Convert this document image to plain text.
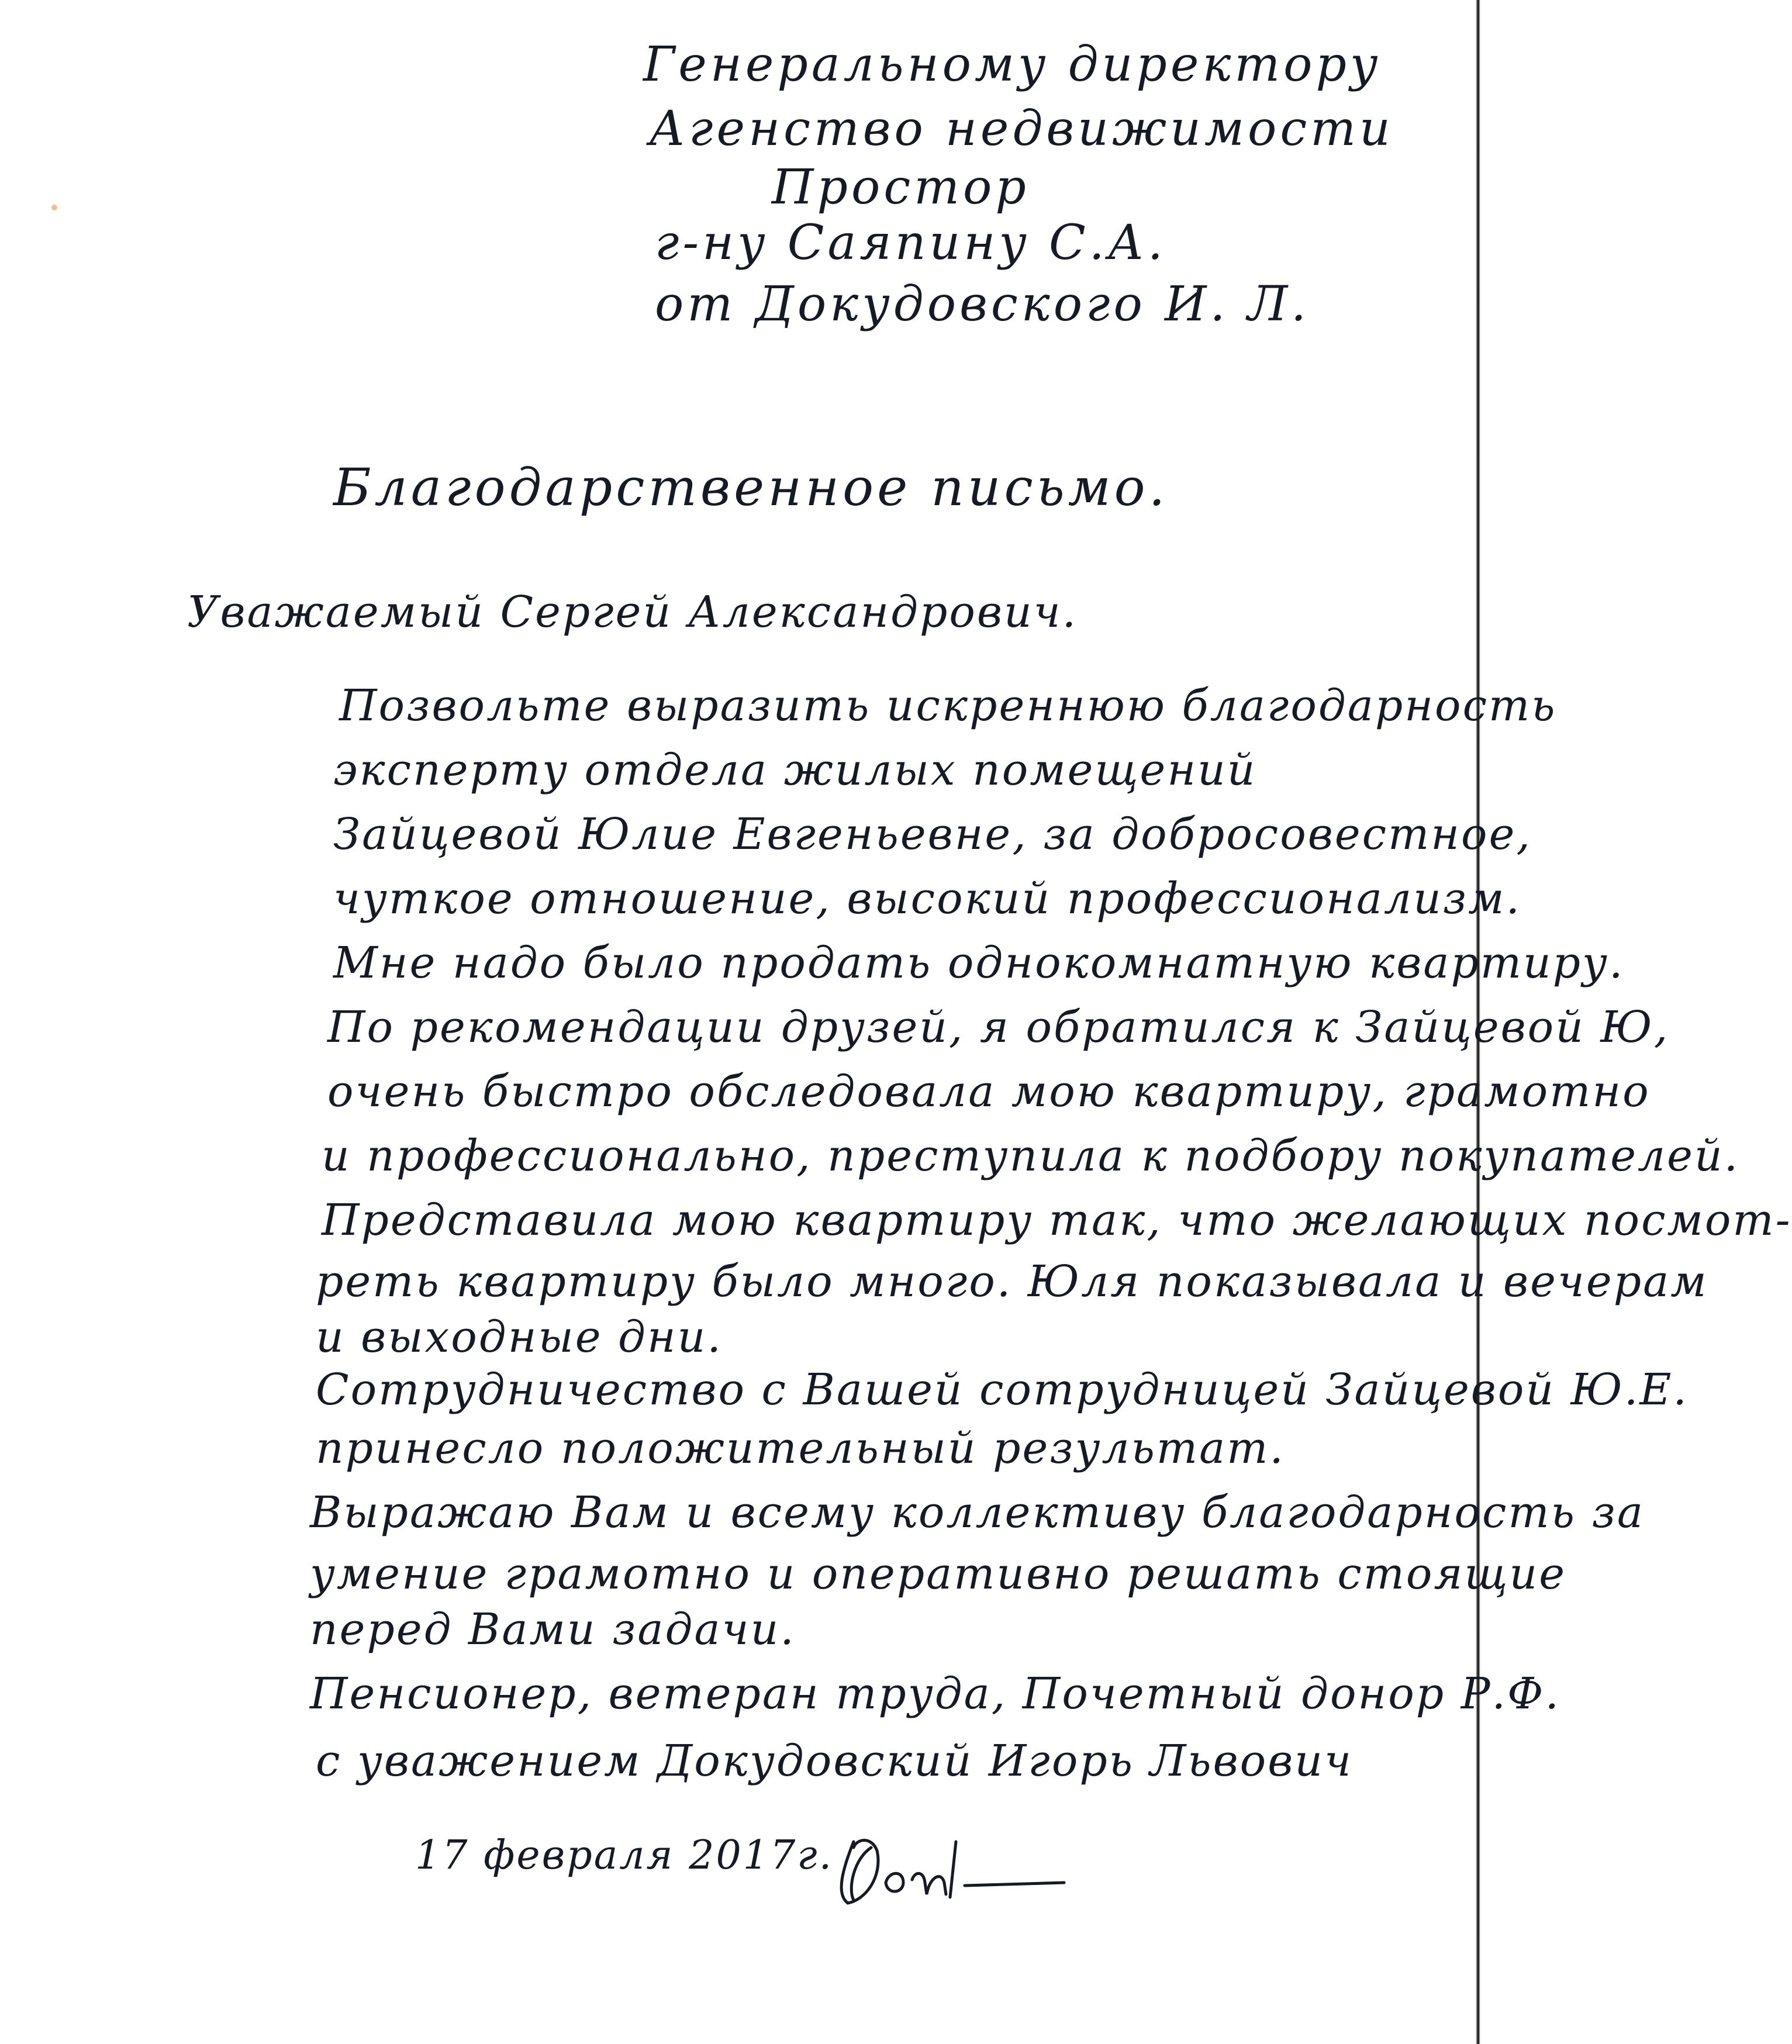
Генеральному директору
Агенство недвижимости
Простор
г-ну Саяпину С.А.
от Докудовского И. Л.
Благодарственное письмо.
Уважаемый Сергей Александрович.
Позвольте выразить искреннюю благодарность
эксперту отдела жилых помещений
Зайцевой Юлие Евгеньевне, за добросовестное,
чуткое отношение, высокий профессионализм.
Мне надо было продать однокомнатную квартиру.
По рекомендации друзей, я обратился к Зайцевой Ю,
очень быстро обследовала мою квартиру, грамотно
и профессионально, преступила к подбору покупателей.
Представила мою квартиру так, что желающих посмот-
реть квартиру было много. Юля показывала и вечерам
и выходные дни.
Сотрудничество с Вашей сотрудницей Зайцевой Ю.Е.
принесло положительный результат.
Выражаю Вам и всему коллективу благодарность за
умение грамотно и оперативно решать стоящие
перед Вами задачи.
Пенсионер, ветеран труда, Почетный донор Р.Ф.
с уважением Докудовский Игорь Львович
17 февраля 2017г.
